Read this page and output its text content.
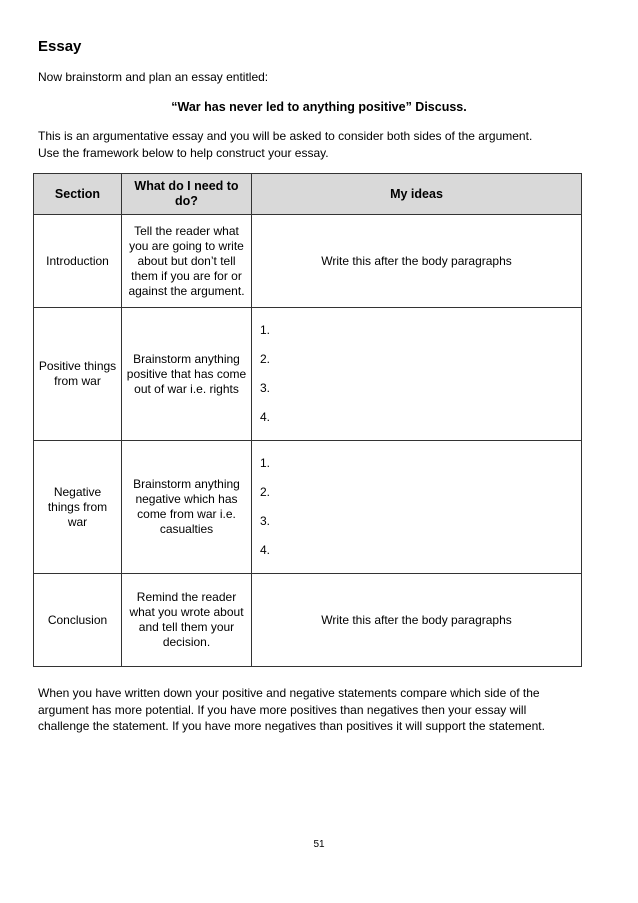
Essay
Now brainstorm and plan an essay entitled:
“War has never led to anything positive” Discuss.
This is an argumentative essay and you will be asked to consider both sides of the argument.
Use the framework below to help construct your essay.
Section	What do I need to do?	My ideas

Introduction	Tell the reader what you are going to write about but don’t tell them if you are for or against the argument.	Write this after the body paragraphs

Positive things from war	Brainstorm anything positive that has come out of war i.e. rights	1.
2.
3.
4.

Negative things from war	Brainstorm anything negative which has come from war i.e. casualties	1.
2.
3.
4.

Conclusion	Remind the reader what you wrote about and tell them your decision.	Write this after the body paragraphs
When you have written down your positive and negative statements compare which side of the
argument has more potential. If you have more positives than negatives then your essay will
challenge the statement. If you have more negatives than positives it will support the statement.
51
